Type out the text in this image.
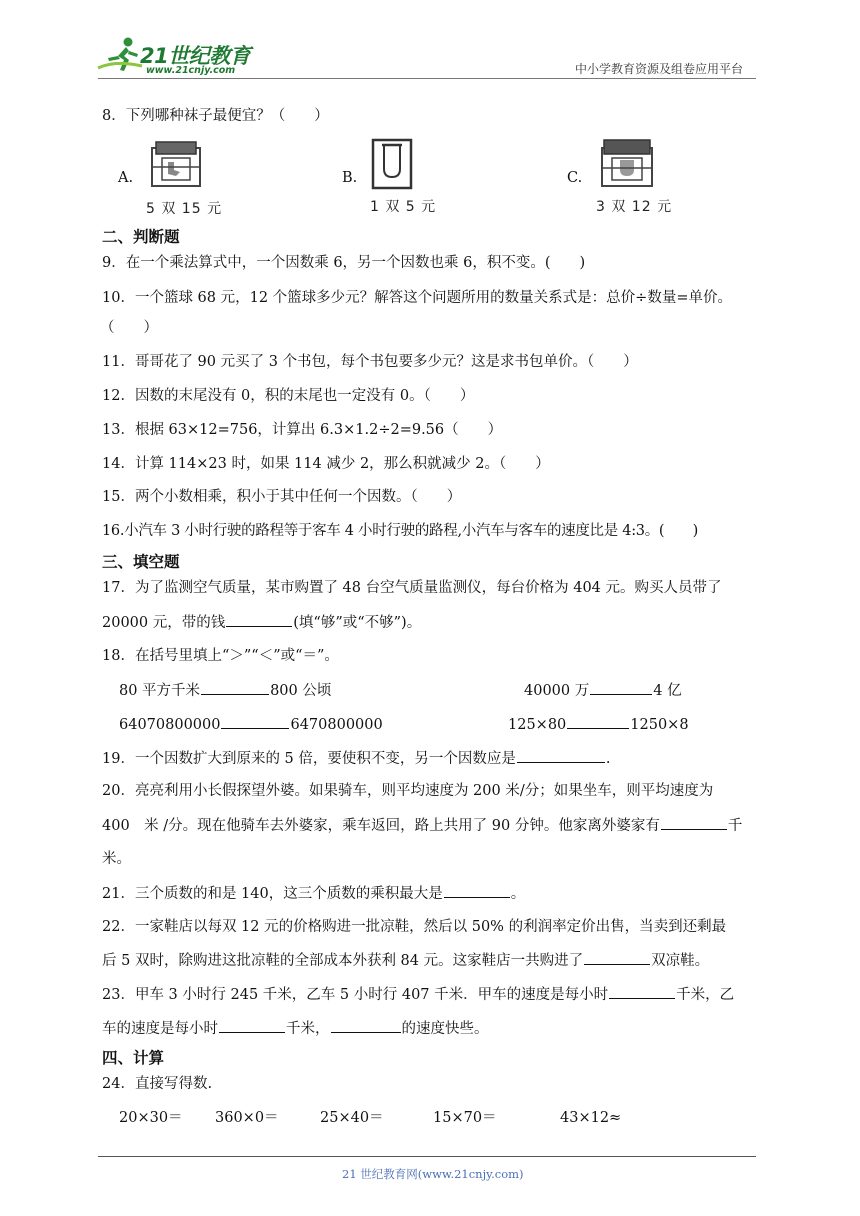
21世纪教育
www.21cnjy.com	中小学教育资源及组卷应用平台
8．下列哪种袜子最便宜？（　　）
A.
5 双 15 元
B.
1 双 5 元
C.
3 双 12 元
二、判断题
9．在一个乘法算式中，一个因数乘 6，另一个因数也乘 6，积不变。(　　)
10．一个篮球 68 元，12 个篮球多少元？解答这个问题所用的数量关系式是：总价÷数量=单价。
（　　）
11．哥哥花了 90 元买了 3 个书包，每个书包要多少元？这是求书包单价。（　　）
12．因数的末尾没有 0，积的末尾也一定没有 0。（　　）
13．根据 63×12=756，计算出 6.3×1.2÷2=9.56（　　）
14．计算 114×23 时，如果 114 减少 2，那么积就减少 2。（　　）
15．两个小数相乘，积小于其中任何一个因数。（　　）
16.小汽车 3 小时行驶的路程等于客车 4 小时行驶的路程,小汽车与客车的速度比是 4:3。(　　)
三、填空题
17．为了监测空气质量，某市购置了 48 台空气质量监测仪，每台价格为 404 元。购买人员带了
20000 元，带的钱	(填“够”或“不够”)。
18．在括号里填上“＞”“＜”或“＝”。
80 平方千米	800 公顷	40000 万	4 亿
64070800000	6470800000	125×80	1250×8
19．一个因数扩大到原来的 5 倍，要使积不变，另一个因数应是	.
20．亮亮利用小长假探望外婆。如果骑车，则平均速度为 200 米/分；如果坐车，则平均速度为
400　米 /分。现在他骑车去外婆家，乘车返回，路上共用了 90 分钟。他家离外婆家有	千
米。
21．三个质数的和是 140，这三个质数的乘积最大是	。
22．一家鞋店以每双 12 元的价格购进一批凉鞋，然后以 50% 的利润率定价出售，当卖到还剩最
后 5 双时，除购进这批凉鞋的全部成本外获利 84 元。这家鞋店一共购进了	双凉鞋。
23．甲车 3 小时行 245 千米，乙车 5 小时行 407 千米．甲车的速度是每小时	千米，乙
车的速度是每小时	千米，	的速度快些。
四、计算
24．直接写得数.
20×30＝ 360×0＝	25×40＝	15×70＝	43×12≈
21 世纪教育网(www.21cnjy.com)
